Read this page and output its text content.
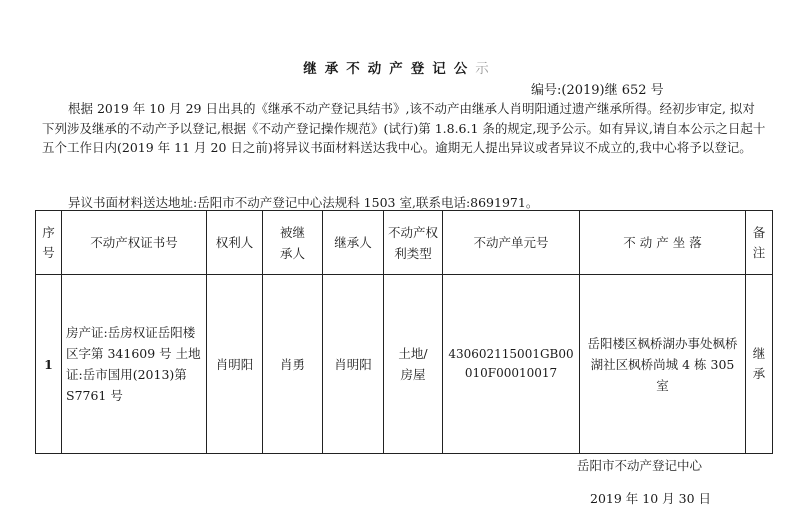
继承不动产登记公示
编号:(2019)继 652 号
根据 2019 年 10 月 29 日出具的《继承不动产登记具结书》,该不动产由继承人肖明阳通过遗产继承所得。经初步审定, 拟对下列涉及继承的不动产予以登记,根据《不动产登记操作规范》(试行)第 1.8.6.1 条的规定,现予公示。如有异议,请自本公示之日起十五个工作日内(2019 年 11 月 20 日之前)将异议书面材料送达我中心。逾期无人提出异议或者异议不成立的,我中心将予以登记。
异议书面材料送达地址:岳阳市不动产登记中心法规科 1503 室,联系电话:8691971。
序号	不动产权证书号	权利人	被继承人	继承人	不动产权利类型	不动产单元号	不 动 产 坐 落	备注
1	房产证:岳房权证岳阳楼区字第 341609 号 土地证:岳市国用(2013)第 S7761 号	肖明阳	肖勇	肖明阳	土地/房屋	430602115001GB00010F00010017	岳阳楼区枫桥湖办事处枫桥湖社区枫桥尚城 4 栋 305 室	继承
岳阳市不动产登记中心
2019 年 10 月 30 日
